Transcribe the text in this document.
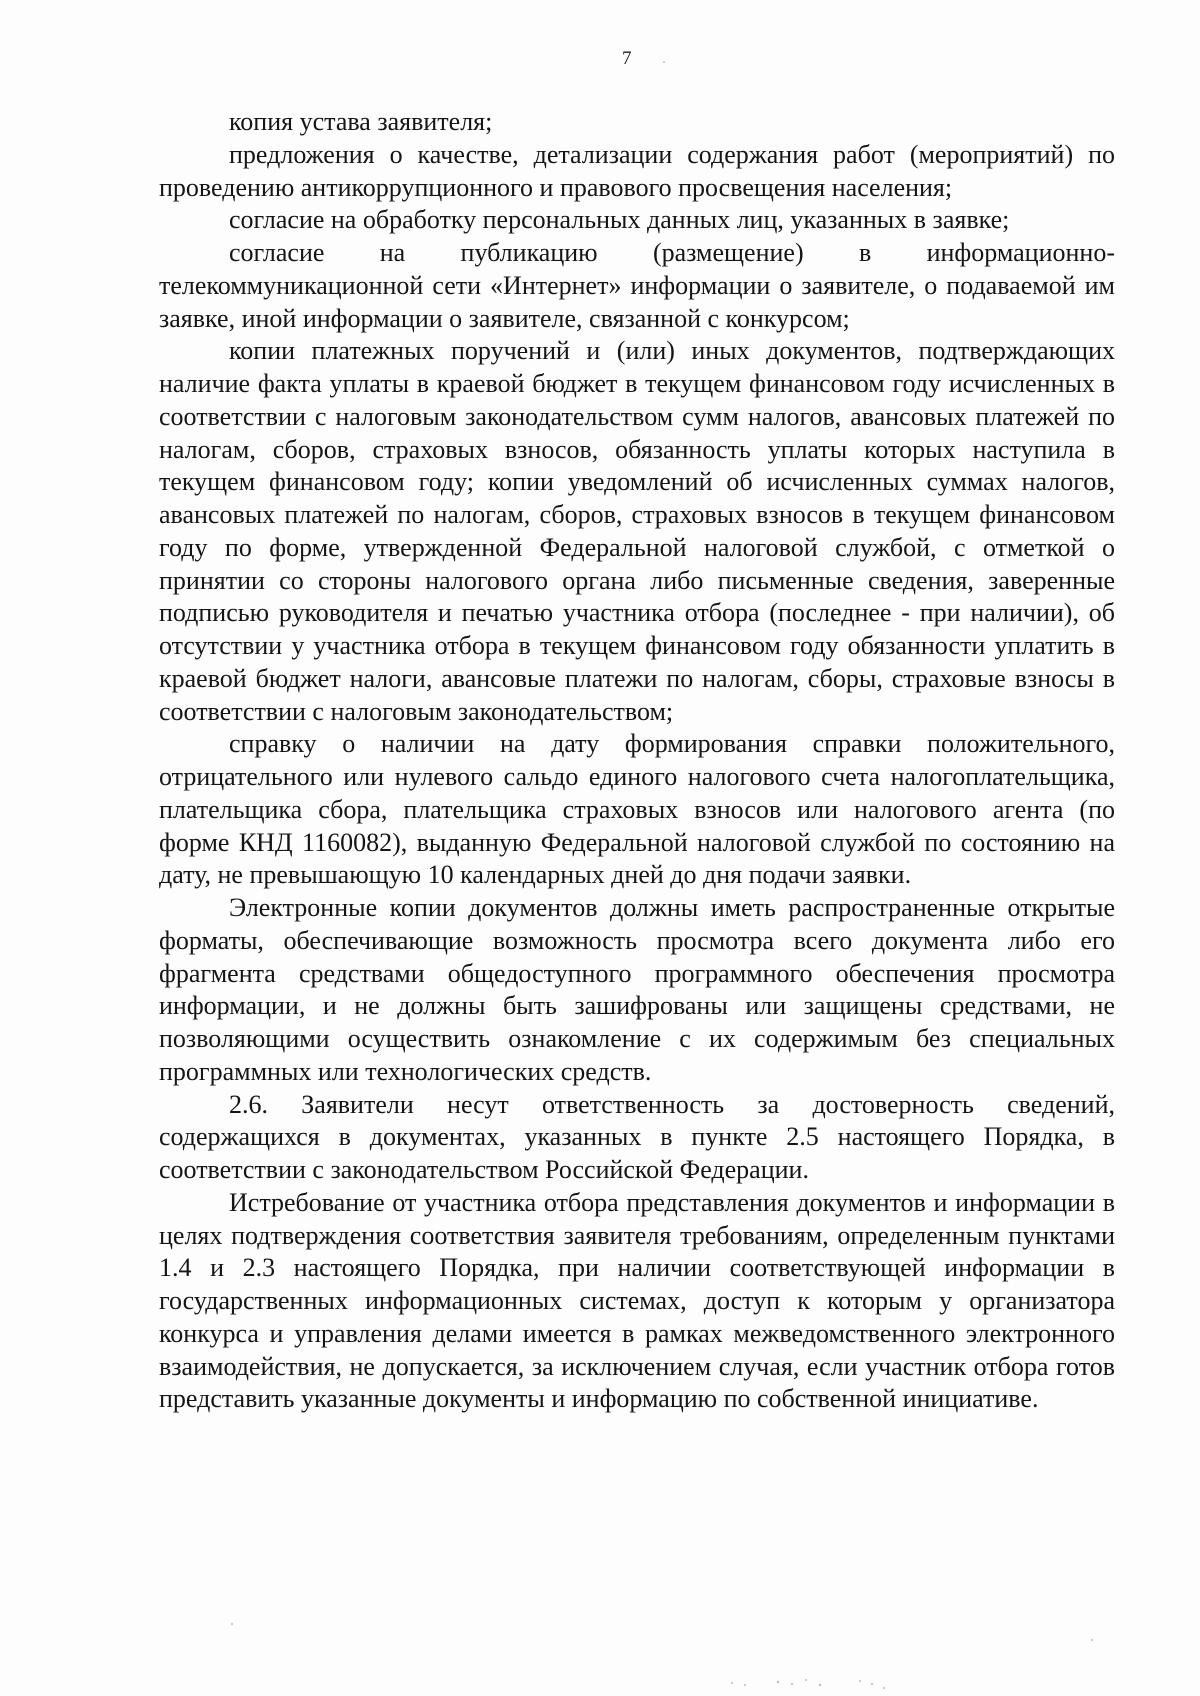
7

копия устава заявителя;

предложения о качестве, детализации содержания работ (мероприятий) по проведению антикоррупционного и правового просвещения населения;

согласие на обработку персональных данных лиц, указанных в заявке;

согласие на публикацию (размещение) в информационно-телекоммуникационной сети «Интернет» информации о заявителе, о подаваемой им заявке, иной информации о заявителе, связанной с конкурсом;

копии платежных поручений и (или) иных документов, подтверждающих наличие факта уплаты в краевой бюджет в текущем финансовом году исчисленных в соответствии с налоговым законодательством сумм налогов, авансовых платежей по налогам, сборов, страховых взносов, обязанность уплаты которых наступила в текущем финансовом году; копии уведомлений об исчисленных суммах налогов, авансовых платежей по налогам, сборов, страховых взносов в текущем финансовом году по форме, утвержденной Федеральной налоговой службой, с отметкой о принятии со стороны налогового органа либо письменные сведения, заверенные подписью руководителя и печатью участника отбора (последнее - при наличии), об отсутствии у участника отбора в текущем финансовом году обязанности уплатить в краевой бюджет налоги, авансовые платежи по налогам, сборы, страховые взносы в соответствии с налоговым законодательством;

справку о наличии на дату формирования справки положительного, отрицательного или нулевого сальдо единого налогового счета налогоплательщика, плательщика сбора, плательщика страховых взносов или налогового агента (по форме КНД 1160082), выданную Федеральной налоговой службой по состоянию на дату, не превышающую 10 календарных дней до дня подачи заявки.

Электронные копии документов должны иметь распространенные открытые форматы, обеспечивающие возможность просмотра всего документа либо его фрагмента средствами общедоступного программного обеспечения просмотра информации, и не должны быть зашифрованы или защищены средствами, не позволяющими осуществить ознакомление с их содержимым без специальных программных или технологических средств.

2.6. Заявители несут ответственность за достоверность сведений, содержащихся в документах, указанных в пункте 2.5 настоящего Порядка, в соответствии с законодательством Российской Федерации.

Истребование от участника отбора представления документов и информации в целях подтверждения соответствия заявителя требованиям, определенным пунктами 1.4 и 2.3 настоящего Порядка, при наличии соответствующей информации в государственных информационных системах, доступ к которым у организатора конкурса и управления делами имеется в рамках межведомственного электронного взаимодействия, не допускается, за исключением случая, если участник отбора готов представить указанные документы и информацию по собственной инициативе.
